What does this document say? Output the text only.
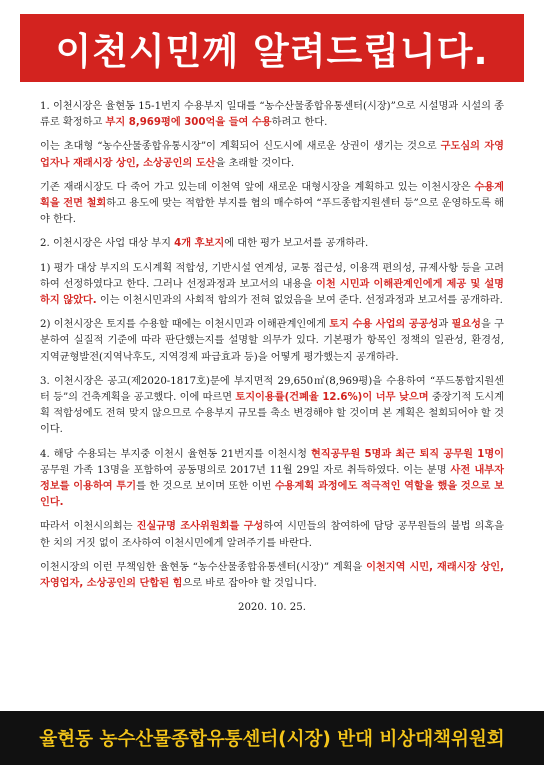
이천시민께 알려드립니다.

1. 이천시장은 율현동 15-1번지 수용부지 일대를 “농수산물종합유통센터(시장)”으로 시설명과 시설의 종류로 확정하고 부지 8,969평에 300억을 들여 수용하려고 한다.

이는 초대형 “농수산물종합유통시장”이 계획되어 신도시에 새로운 상권이 생기는 것으로 구도심의 자영업자나 재래시장 상인, 소상공인의 도산을 초래할 것이다.

기존 재래시장도 다 죽어 가고 있는데 이천역 앞에 새로운 대형시장을 계획하고 있는 이천시장은 수용계획을 전면 철회하고 용도에 맞는 적합한 부지를 협의 매수하여 “푸드종합지원센터 등”으로 운영하도록 해야 한다.

2. 이천시장은 사업 대상 부지 4개 후보지에 대한 평가 보고서를 공개하라.

1) 평가 대상 부지의 도시계획 적합성, 기반시설 연계성, 교통 접근성, 이용객 편의성, 규제사항 등을 고려하여 선정하였다고 한다. 그러나 선정과정과 보고서의 내용을 이천 시민과 이해관계인에게 제공 및 설명하지 않았다. 이는 이천시민과의 사회적 합의가 전혀 없었음을 보여 준다. 선정과정과 보고서를 공개하라.

2) 이천시장은 토지를 수용할 때에는 이천시민과 이해관계인에게 토지 수용 사업의 공공성과 필요성을 구분하여 실질적 기준에 따라 판단했는지를 설명할 의무가 있다. 기본평가 항목인 정책의 일관성, 환경성, 지역균형발전(지역낙후도, 지역경제 파급효과 등)을 어떻게 평가했는지 공개하라.

3. 이천시장은 공고(제2020-1817호)문에 부지면적 29,650㎡(8,969평)을 수용하여 “푸드통합지원센터 등”의 건축계획을 공고했다. 이에 따르면 토지이용률(건폐율 12.6%)이 너무 낮으며 중장기적 도시계획 적합성에도 전혀 맞지 않으므로 수용부지 규모를 축소 변경해야 할 것이며 본 계획은 철회되어야 할 것이다.

4. 해당 수용되는 부지중 이천시 율현동 21번지를 이천시청 현직공무원 5명과 최근 퇴직 공무원 1명이 공무원 가족 13명을 포함하여 공동명의로 2017년 11월 29일 자로 취득하였다. 이는 분명 사전 내부자 정보를 이용하여 투기를 한 것으로 보이며 또한 이번 수용계획 과정에도 적극적인 역할을 했을 것으로 보인다.

따라서 이천시의회는 진실규명 조사위원회를 구성하여 시민들의 참여하에 담당 공무원들의 불법 의혹을 한 치의 거짓 없이 조사하여 이천시민에게 알려주기를 바란다.

이천시장의 이런 무책임한 율현동 “농수산물종합유통센터(시장)” 계획을 이천지역 시민, 재래시장 상인, 자영업자, 소상공인의 단합된 힘으로 바로 잡아야 할 것입니다.

2020. 10. 25.
율현동 농수산물종합유통센터(시장) 반대 비상대책위원회
